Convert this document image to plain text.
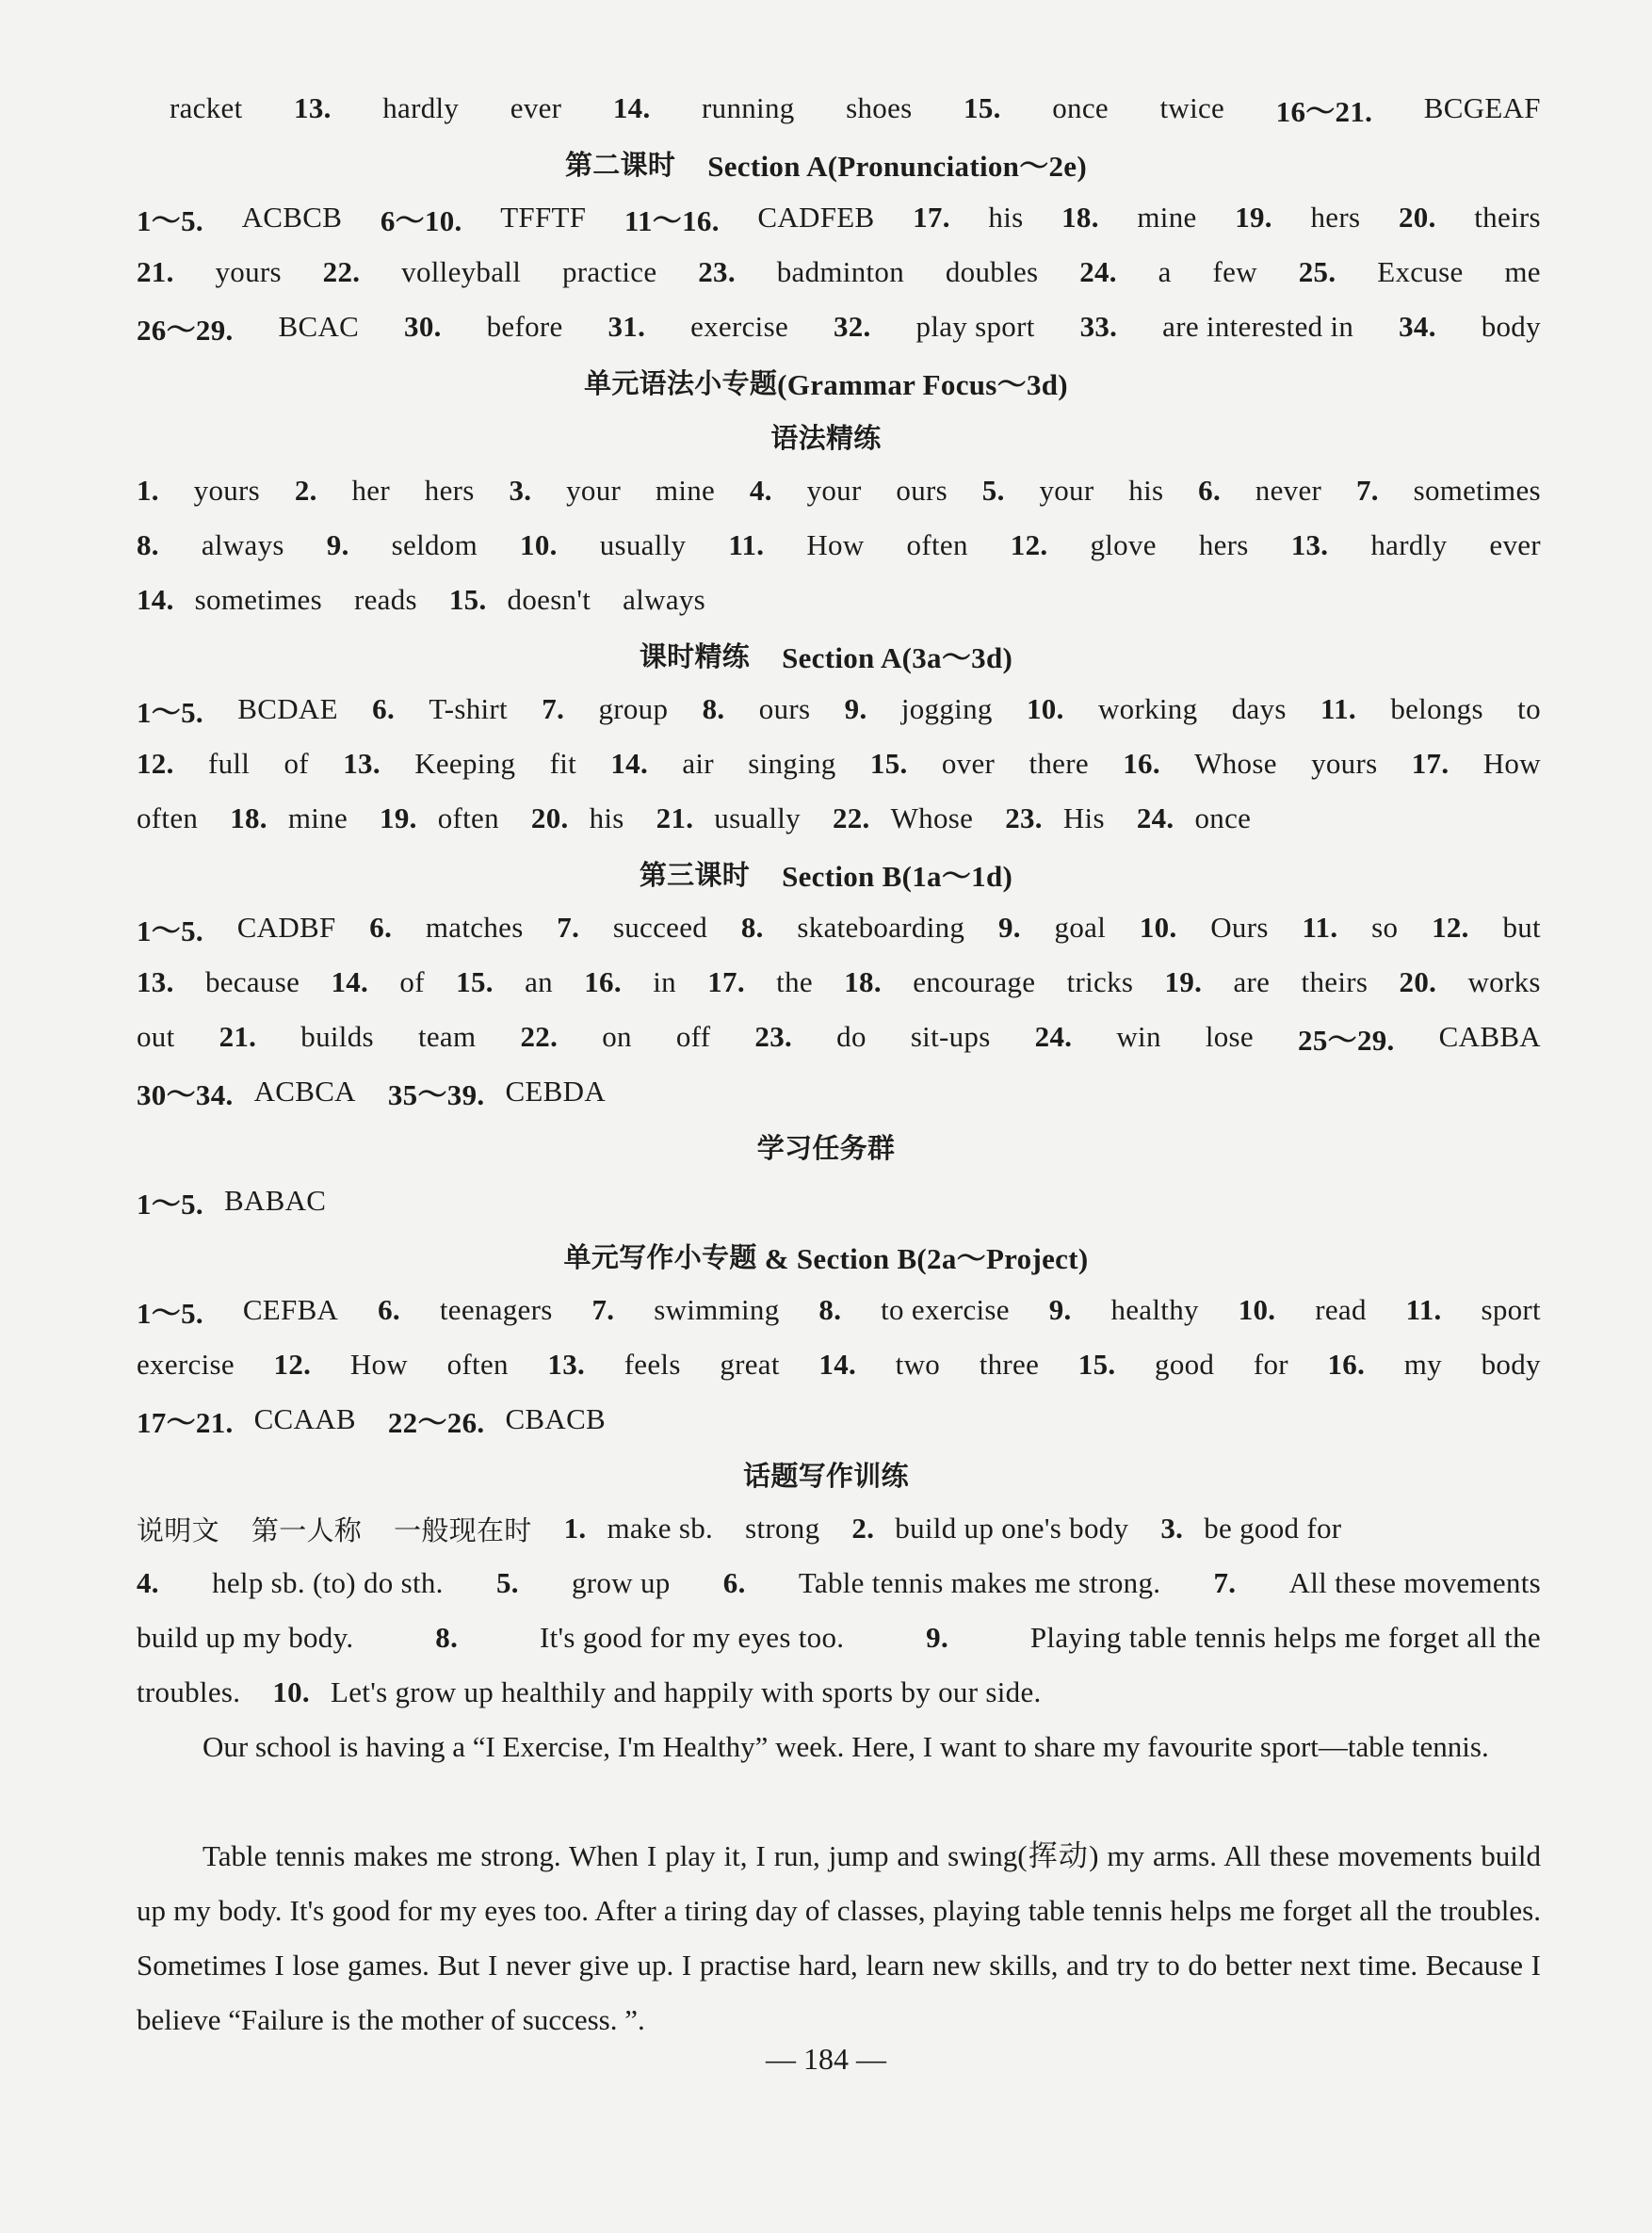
racket 13. hardly ever 14. running shoes 15. once twice 16～21. BCGEAF
第二课时 Section A(Pronunciation～2e)
1～5. ACBCB 6～10. TFFTF 11～16. CADFEB 17. his 18. mine 19. hers 20. theirs
21. yours 22. volleyball practice 23. badminton doubles 24. a few 25. Excuse me
26～29. BCAC 30. before 31. exercise 32. play sport 33. are interested in 34. body
单元语法小专题 (Grammar Focus～3d)
语法精练
1. yours 2. her hers 3. your mine 4. your ours 5. your his 6. never 7. sometimes
8. always 9. seldom 10. usually 11. How often 12. glove hers 13. hardly ever
14. sometimes reads 15. doesn't always
课时精练 Section A(3a～3d)
1～5. BCDAE 6. T-shirt 7. group 8. ours 9. jogging 10. working days 11. belongs to
12. full of 13. Keeping fit 14. air singing 15. over there 16. Whose yours 17. How
often 18. mine 19. often 20. his 21. usually 22. Whose 23. His 24. once
第三课时 Section B(1a～1d)
1～5. CADBF 6. matches 7. succeed 8. skateboarding 9. goal 10. Ours 11. so 12. but
13. because 14. of 15. an 16. in 17. the 18. encourage tricks 19. are theirs 20. works
out 21. builds team 22. on off 23. do sit-ups 24. win lose 25～29. CABBA
30～34. ACBCA 35～39. CEBDA
学习任务群
1～5. BABAC
单元写作小专题
& Section B(2a～Project)
1～5. CEFBA 6. teenagers 7. swimming 8. to exercise 9. healthy 10. read 11. sport
exercise 12. How often 13. feels great 14. two three 15. good for 16. my body
17～21. CCAAB 22～26. CBACB
话题写作训练
说明文 第一人称 一般现在时 1. make sb. strong 2. build up one's body 3. be good for
4. help sb. (to) do sth. 5. grow up 6. Table tennis makes me strong. 7. All these movements
build up my body.	8.	It's good for my eyes too.	9.	Playing table tennis helps me forget all the
troubles. 10. Let's grow up healthily and happily with sports by our side.
Our school is having a “I Exercise, I'm Healthy” week. Here, I want to share my favourite sport—table tennis.
Table tennis makes me strong. When I play it, I run, jump and swing(挥动) my arms. All these movements build up my body. It's good for my eyes too. After a tiring day of classes, playing table tennis helps me forget all the troubles. Sometimes I lose games. But I never give up. I practise hard, learn new skills, and try to do better next time. Because I believe “Failure is the mother of success. ”.
— 184 —
